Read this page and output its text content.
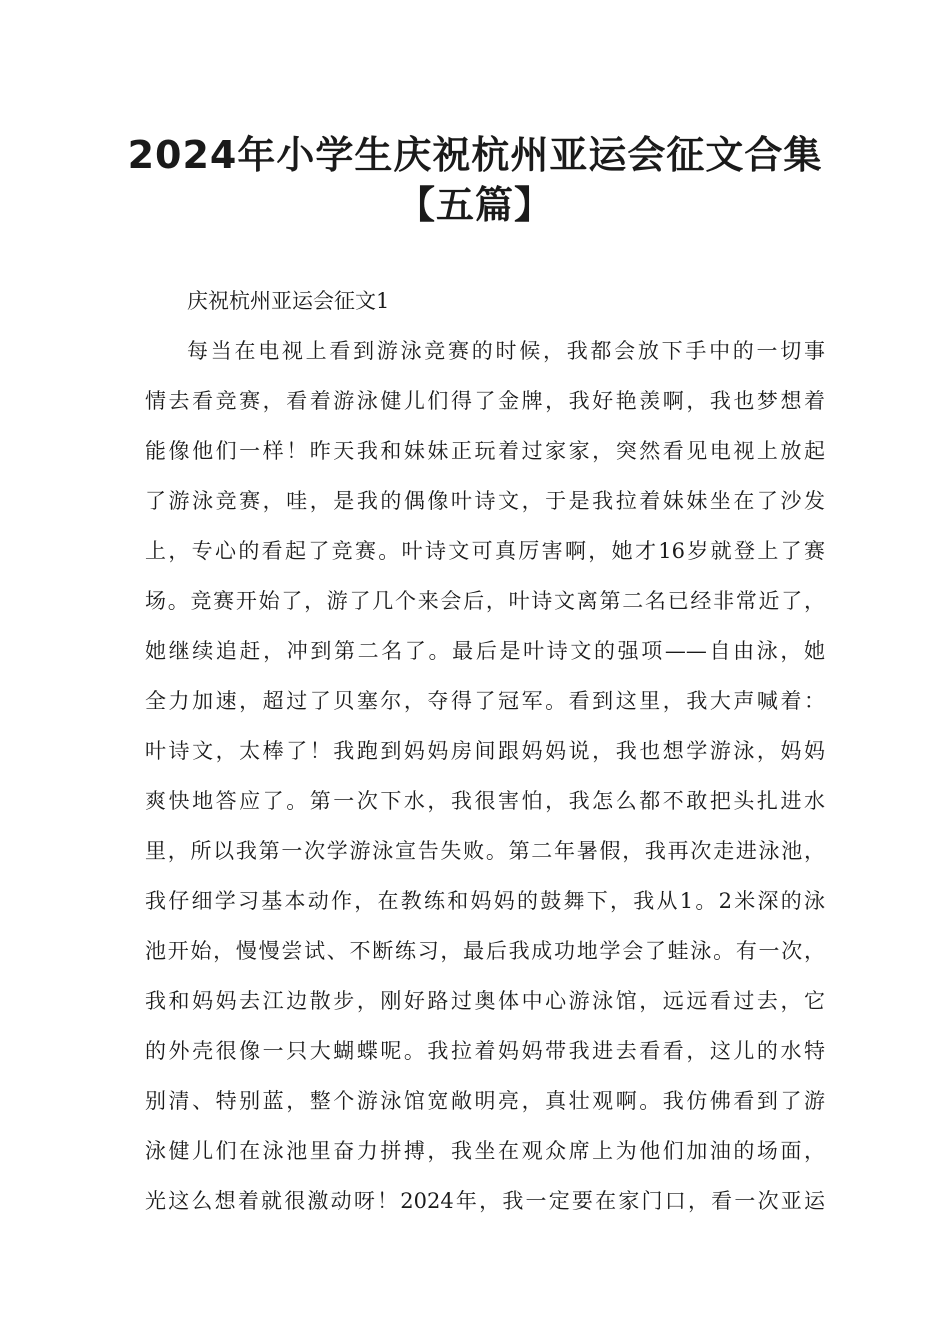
2024年小学生庆祝杭州亚运会征文合集
【五篇】

庆祝杭州亚运会征文1

每当在电视上看到游泳竞赛的时候，我都会放下手中的一切事

情去看竞赛，看着游泳健儿们得了金牌，我好艳羡啊，我也梦想着

能像他们一样！昨天我和妹妹正玩着过家家，突然看见电视上放起

了游泳竞赛，哇，是我的偶像叶诗文，于是我拉着妹妹坐在了沙发

上，专心的看起了竞赛。叶诗文可真厉害啊，她才16岁就登上了赛

场。竞赛开始了，游了几个来会后，叶诗文离第二名已经非常近了，

她继续追赶，冲到第二名了。最后是叶诗文的强项——自由泳，她

全力加速，超过了贝塞尔，夺得了冠军。看到这里，我大声喊着：

叶诗文，太棒了！我跑到妈妈房间跟妈妈说，我也想学游泳，妈妈

爽快地答应了。第一次下水，我很害怕，我怎么都不敢把头扎进水

里，所以我第一次学游泳宣告失败。第二年暑假，我再次走进泳池，

我仔细学习基本动作，在教练和妈妈的鼓舞下，我从1。2米深的泳

池开始，慢慢尝试、不断练习，最后我成功地学会了蛙泳。有一次，

我和妈妈去江边散步，刚好路过奥体中心游泳馆，远远看过去，它

的外壳很像一只大蝴蝶呢。我拉着妈妈带我进去看看，这儿的水特

别清、特别蓝，整个游泳馆宽敞明亮，真壮观啊。我仿佛看到了游

泳健儿们在泳池里奋力拼搏，我坐在观众席上为他们加油的场面，

光这么想着就很激动呀！2024年，我一定要在家门口，看一次亚运
